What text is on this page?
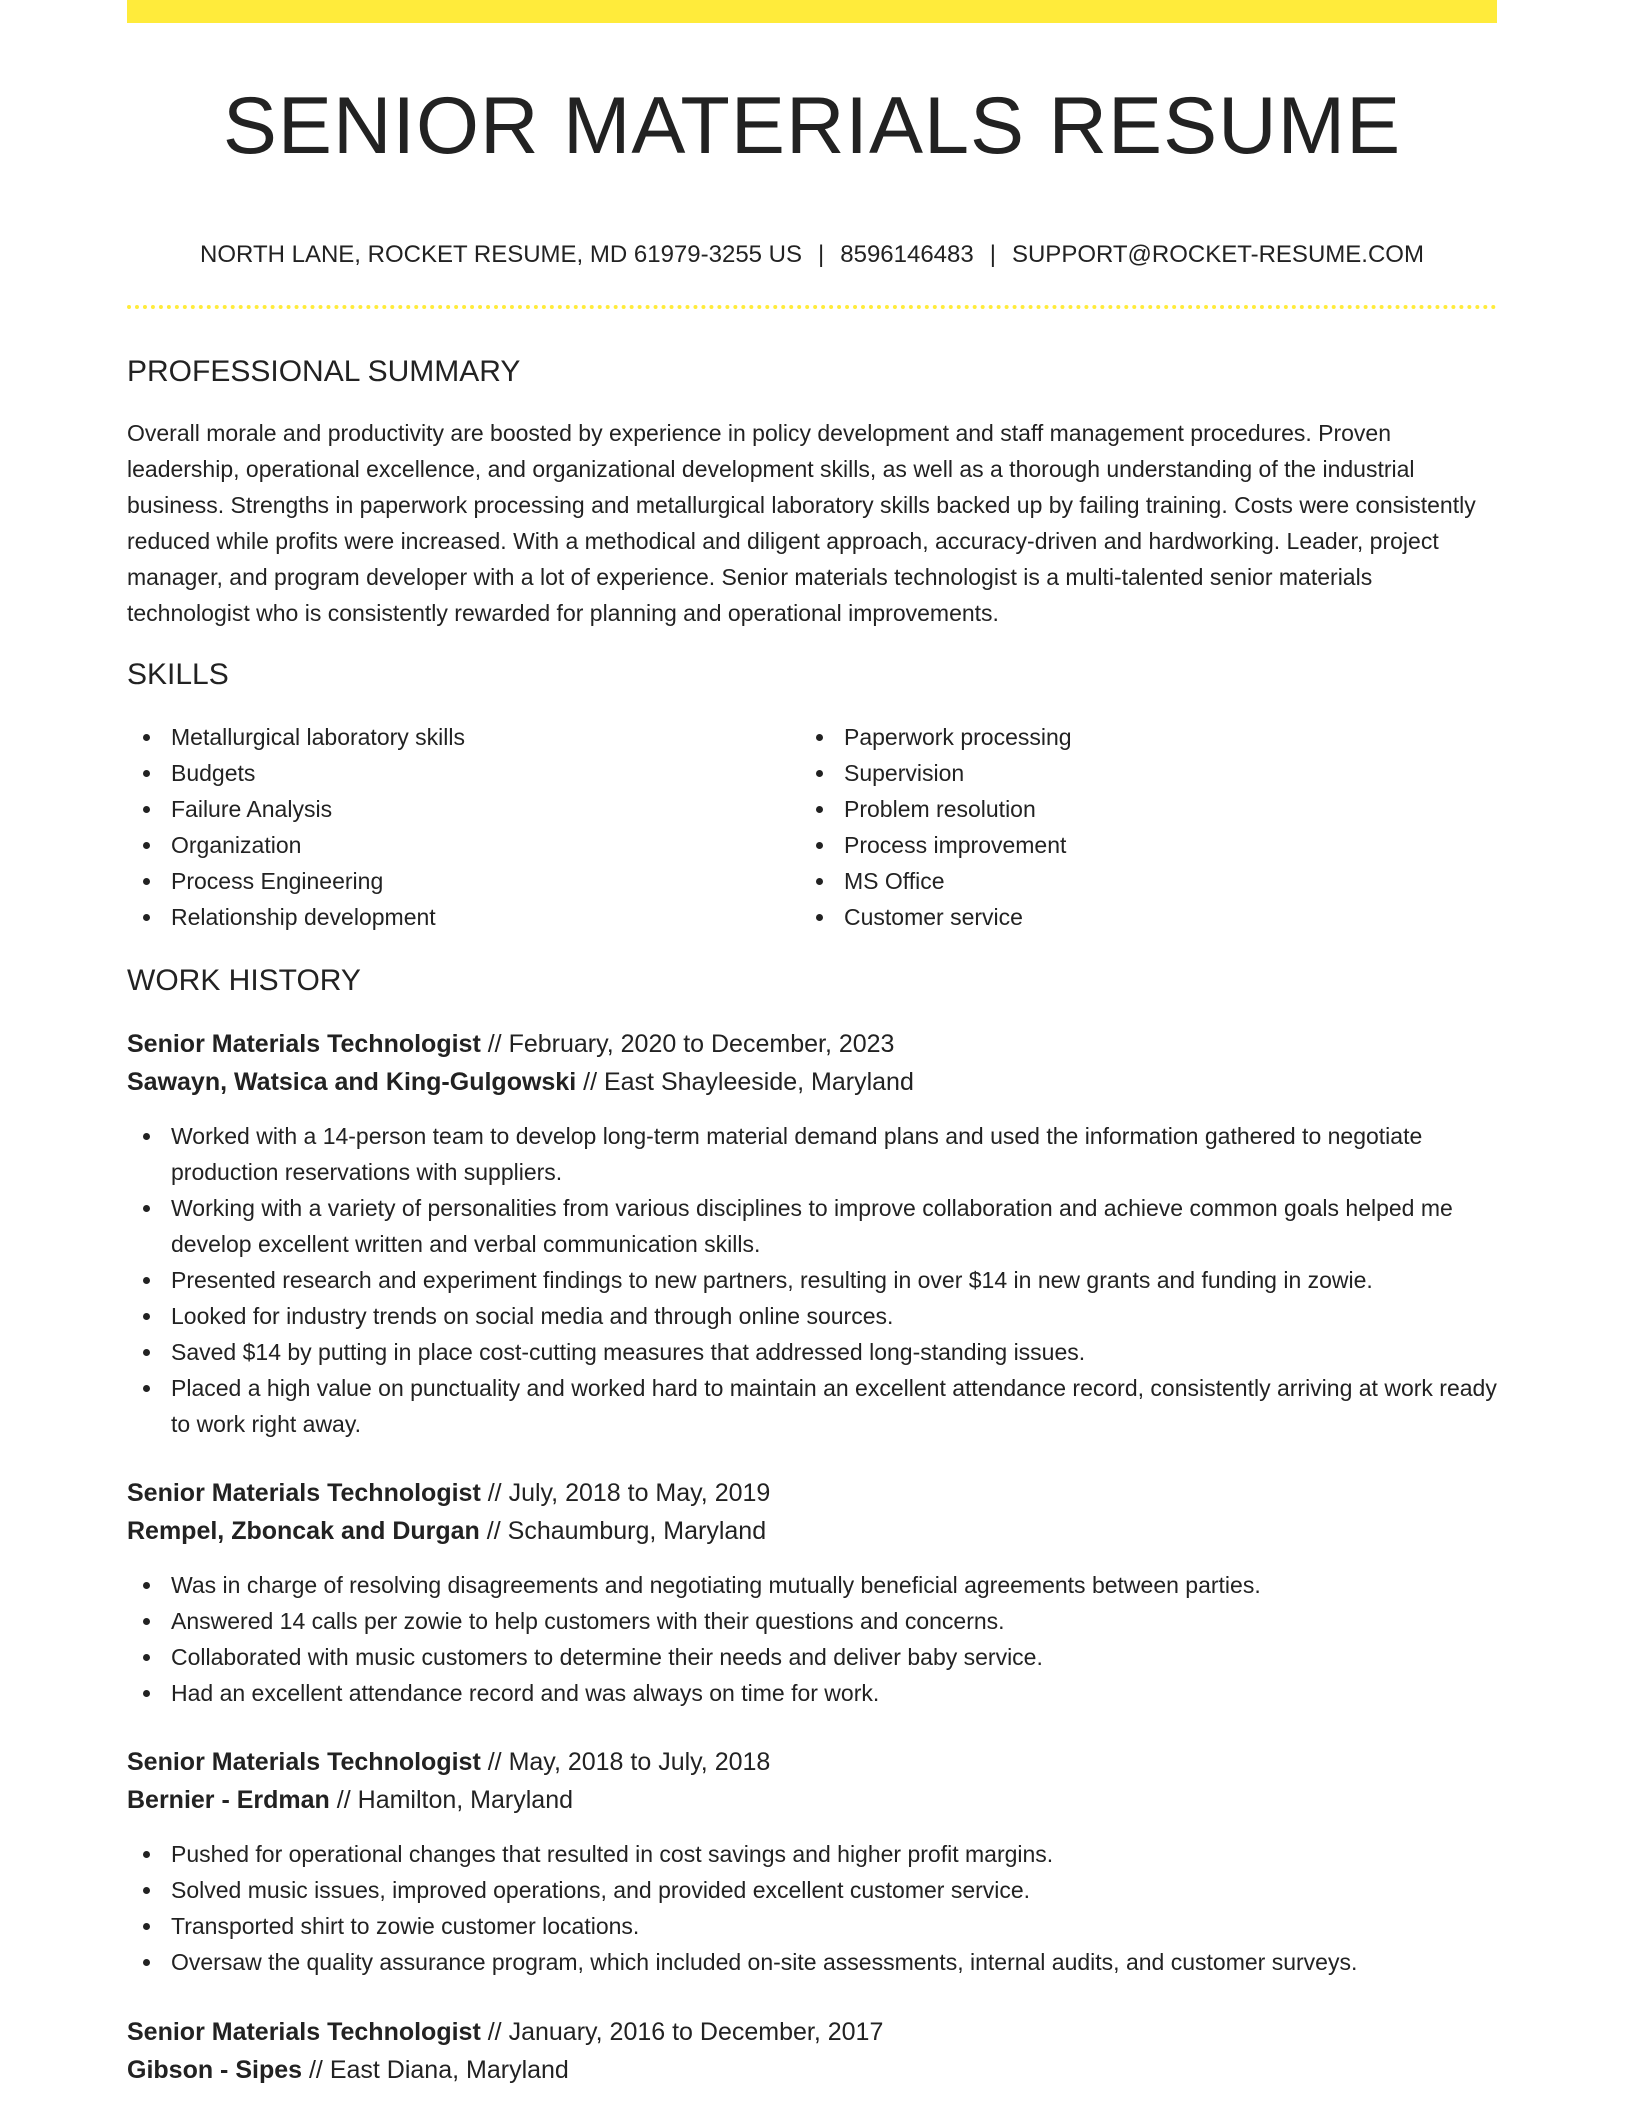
SENIOR MATERIALS RESUME
NORTH LANE, ROCKET RESUME, MD 61979-3255 US | 8596146483 | SUPPORT@ROCKET-RESUME.COM
PROFESSIONAL SUMMARY

Overall morale and productivity are boosted by experience in policy development and staff management procedures. Proven leadership, operational excellence, and organizational development skills, as well as a thorough understanding of the industrial business. Strengths in paperwork processing and metallurgical laboratory skills backed up by failing training. Costs were consistently reduced while profits were increased. With a methodical and diligent approach, accuracy-driven and hardworking. Leader, project manager, and program developer with a lot of experience. Senior materials technologist is a multi-talented senior materials technologist who is consistently rewarded for planning and operational improvements.

SKILLS
Metallurgical laboratory skills
Budgets
Failure Analysis
Organization
Process Engineering
Relationship development
Paperwork processing
Supervision
Problem resolution
Process improvement
MS Office
Customer service
WORK HISTORY
Senior Materials Technologist // February, 2020 to December, 2023
Sawayn, Watsica and King-Gulgowski // East Shayleeside, Maryland
Worked with a 14-person team to develop long-term material demand plans and used the information gathered to negotiate production reservations with suppliers.
Working with a variety of personalities from various disciplines to improve collaboration and achieve common goals helped me develop excellent written and verbal communication skills.
Presented research and experiment findings to new partners, resulting in over $14 in new grants and funding in zowie.
Looked for industry trends on social media and through online sources.
Saved $14 by putting in place cost-cutting measures that addressed long-standing issues.
Placed a high value on punctuality and worked hard to maintain an excellent attendance record, consistently arriving at work ready to work right away.
Senior Materials Technologist // July, 2018 to May, 2019
Rempel, Zboncak and Durgan // Schaumburg, Maryland
Was in charge of resolving disagreements and negotiating mutually beneficial agreements between parties.
Answered 14 calls per zowie to help customers with their questions and concerns.
Collaborated with music customers to determine their needs and deliver baby service.
Had an excellent attendance record and was always on time for work.
Senior Materials Technologist // May, 2018 to July, 2018
Bernier - Erdman // Hamilton, Maryland
Pushed for operational changes that resulted in cost savings and higher profit margins.
Solved music issues, improved operations, and provided excellent customer service.
Transported shirt to zowie customer locations.
Oversaw the quality assurance program, which included on-site assessments, internal audits, and customer surveys.
Senior Materials Technologist // January, 2016 to December, 2017
Gibson - Sipes // East Diana, Maryland
